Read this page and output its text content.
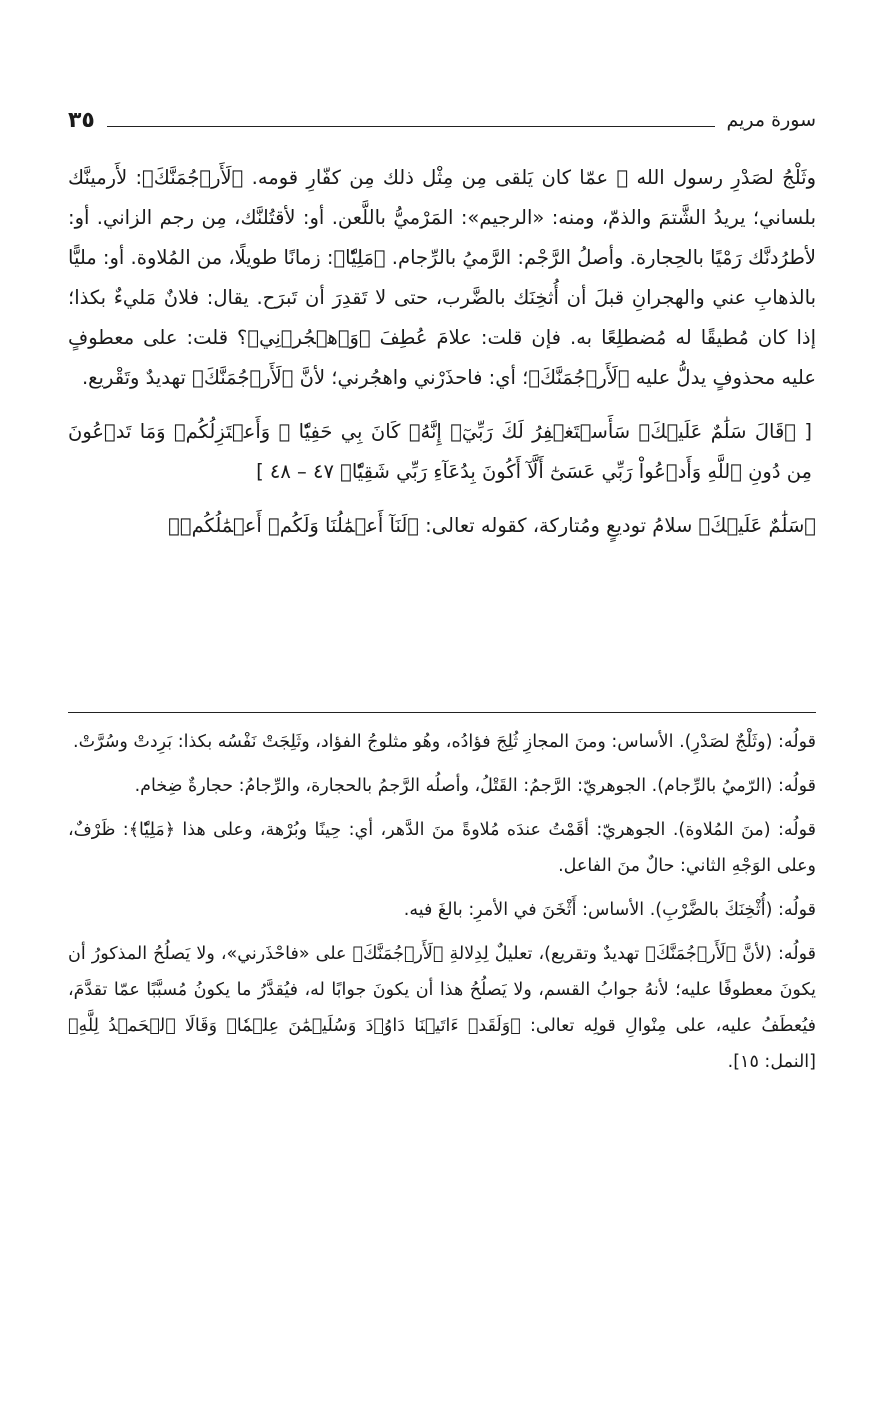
سورة مريم
٣٥

وثَلْجُ لصَدْرِ رسول الله ﷺ عمّا كان يَلقى مِن مِثْل ذلك مِن كفّارِ قومه. ﴿لَأَرۡجُمَنَّكَ﴾: لأَرمينَّك بلساني؛ يريدُ الشَّتمَ والذمّ، ومنه: «الرجيم»: المَرْميُّ باللَّعن. أو: لأقتُلنَّك، مِن رجم الزاني. أو: لأطرُدنَّك رَمْيًا بالحِجارة. وأصلُ الرَّجْم: الرَّميُ بالرِّجام. ﴿مَلِيّٗا﴾: زمانًا طويلًا، من المُلاوة. أو: مليًّا بالذهابِ عني والهجرانِ قبلَ أن أُثخِنَك بالضَّرب، حتى لا تَقدِرَ أن تَبرَح. يقال: فلانٌ مَليءٌ بكذا؛ إذا كان مُطيقًا له مُضطلِعًا به. فإن قلت: علامَ عُطِفَ ﴿وَٱهۡجُرۡنِي﴾؟ قلت: على معطوفٍ عليه محذوفٍ يدلُّ عليه ﴿لَأَرۡجُمَنَّكَ﴾؛ أي: فاحذَرْني واهجُرني؛ لأنَّ ﴿لَأَرۡجُمَنَّكَ﴾ تهديدٌ وتَقْريع.

[ ﴿قَالَ سَلَٰمٌ عَلَيۡكَۖ سَأَسۡتَغۡفِرُ لَكَ رَبِّيٓۖ إِنَّهُۥ كَانَ بِي حَفِيّٗا ۞ وَأَعۡتَزِلُكُمۡ وَمَا تَدۡعُونَ مِن دُونِ ٱللَّهِ وَأَدۡعُواْ رَبِّي عَسَىٰٓ أَلَّآ أَكُونَ بِدُعَآءِ رَبِّي شَقِيّٗا﴾ ٤٧ – ٤٨ ]

﴿سَلَٰمٌ عَلَيۡكَ﴾ سلامُ توديعٍ ومُتاركة، كقوله تعالى: ﴿لَنَآ أَعۡمَٰلُنَا وَلَكُمۡ أَعۡمَٰلُكُمۡ﴾

قولُه: (وثَلْجٌ لصَدْرِ). الأساس: ومنَ المجازِ ثُلِجَ فؤادُه، وهُو مثلوجُ الفؤاد، وثَلِجَتْ نَفْسُه بكذا: بَرِدتْ وسُرَّتْ.

قولُه: (الرّميُ بالرِّجام). الجوهريّ: الرَّجمُ: القَتْلُ، وأصلُه الرَّجمُ بالحجارة، والرِّجامُ: حجارةٌ ضِخام.

قولُه: (منَ المُلاوة). الجوهريّ: أقَمْتُ عندَه مُلاوةً منَ الدَّهر، أي: حِينًا وبُرْهة، وعلى هذا ﴿مَلِيّٗا﴾: ظَرْفٌ، وعلى الوَجْهِ الثاني: حالٌ منَ الفاعل.

قولُه: (أُثْخِنَكَ بالضَّرْبِ). الأساس: أَثْخَنَ في الأمرِ: بالغَ فيه.

قولُه: (لأنَّ ﴿لَأَرۡجُمَنَّكَ﴾ تهديدٌ وتقريع)، تعليلٌ لِدِلالةِ ﴿لَأَرۡجُمَنَّكَ﴾ على «فاحْذَرني»، ولا يَصلُحُ المذكورُ أن يكونَ معطوفًا عليه؛ لأنهُ جوابُ القسم، ولا يَصلُحُ هذا أن يكونَ جوابًا له، فيُقدَّرُ ما يكونُ مُسبَّبًا عمّا تقدَّمَ، فيُعطَفُ عليه، على مِنْوالِ قولِه تعالى: ﴿وَلَقَدۡ ءَاتَيۡنَا دَاوُۥدَ وَسُلَيۡمَٰنَ عِلۡمٗاۖ وَقَالَا ٱلۡحَمۡدُ لِلَّهِ﴾ [النمل: ١٥].
